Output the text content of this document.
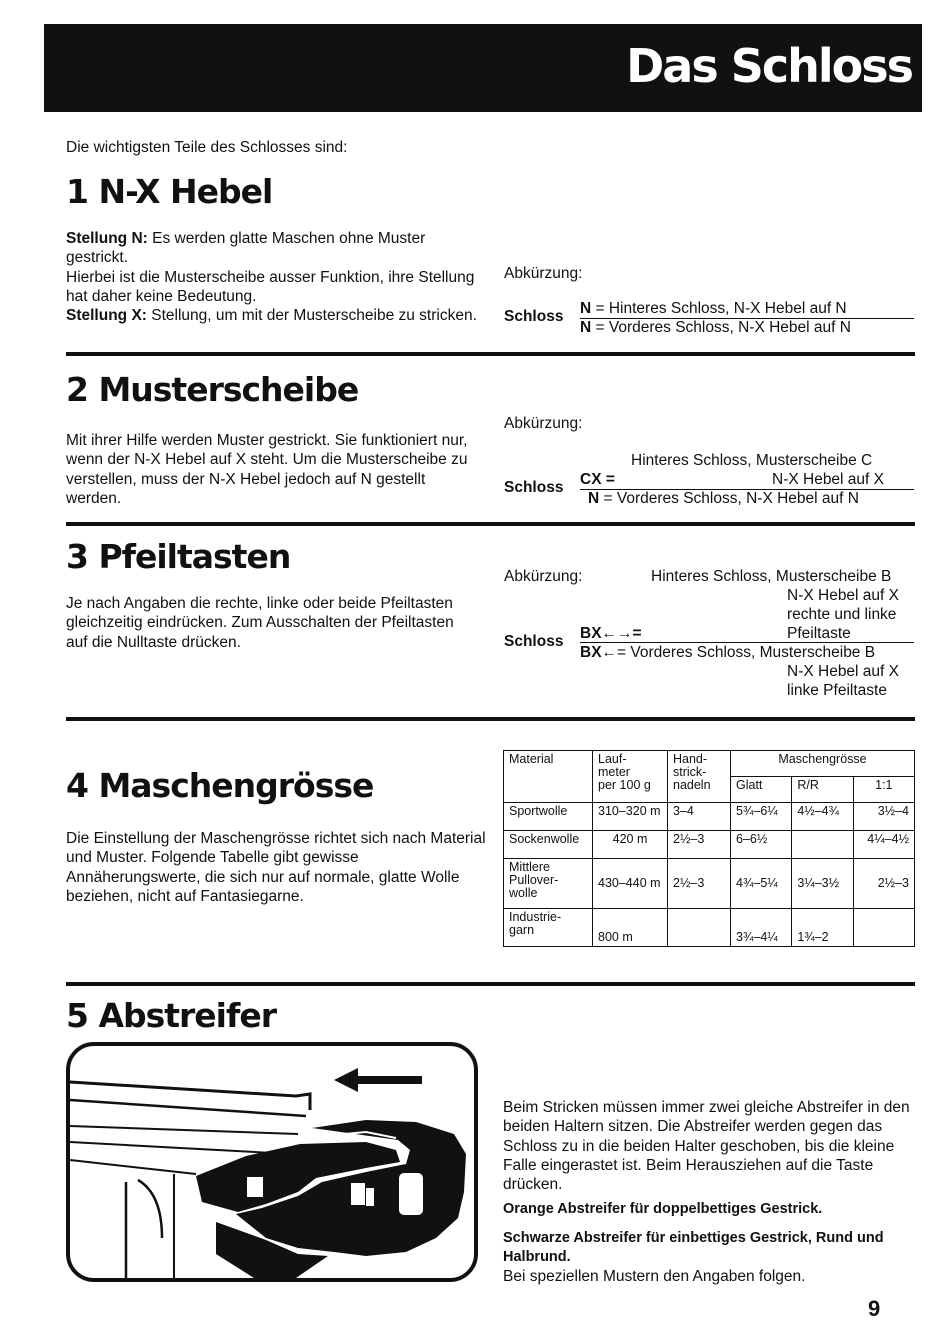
Das Schloss
Die wichtigsten Teile des Schlosses sind:
1 N-X Hebel
Stellung N: Es werden glatte Maschen ohne Muster gestrickt.
Hierbei ist die Musterscheibe ausser Funktion, ihre Stellung hat daher keine Bedeutung.
Stellung X: Stellung, um mit der Musterscheibe zu stricken.
Abkürzung:
Schloss N = Hinteres Schloss, N-X Hebel auf N
N = Vorderes Schloss, N-X Hebel auf N
2 Musterscheibe
Mit ihrer Hilfe werden Muster gestrickt. Sie funktioniert nur, wenn der N-X Hebel auf X steht. Um die Musterscheibe zu verstellen, muss der N-X Hebel jedoch auf N gestellt werden.
Abkürzung:
Hinteres Schloss, Musterscheibe C
Schloss CX =	N-X Hebel auf X
N = Vorderes Schloss, N-X Hebel auf N
3 Pfeiltasten
Je nach Angaben die rechte, linke oder beide Pfeiltasten gleichzeitig eindrücken. Zum Ausschalten der Pfeiltasten auf die Nulltaste drücken.
Abkürzung:	Hinteres Schloss, Musterscheibe B
N-X Hebel auf X
rechte und linke
BX←→=	Pfeiltaste
Schloss
BX←= Vorderes Schloss, Musterscheibe B
N-X Hebel auf X
linke Pfeiltaste
4 Maschengrösse
Die Einstellung der Maschengrösse richtet sich nach Material und Muster. Folgende Tabelle gibt gewisse Annäherungswerte, die sich nur auf normale, glatte Wolle beziehen, nicht auf Fantasiegarne.
Material	Lauf-
meter
per 100 g	Hand-
strick-
nadeln	Maschengrösse		
			Glatt	R/R	1:1
Sportwolle	310–320 m	3–4	5¾–6¼	4½–4¾	3½–4
Sockenwolle	420 m	2½–3	6–6½		4¼–4½
Mittlere
Pullover-
wolle	430–440 m	2½–3	4¾–5¼	3¼–3½	2½–3
Industrie-
garn	800 m		3¾–4¼	1¾–2	
5 Abstreifer
Beim Stricken müssen immer zwei gleiche Abstreifer in den beiden Haltern sitzen. Die Abstreifer werden gegen das Schloss zu in die beiden Halter geschoben, bis die kleine Falle eingerastet ist. Beim Herausziehen auf die Taste drücken.
Orange Abstreifer für doppelbettiges Gestrick.
Schwarze Abstreifer für einbettiges Gestrick, Rund und Halbrund.
Bei speziellen Mustern den Angaben folgen.
9
